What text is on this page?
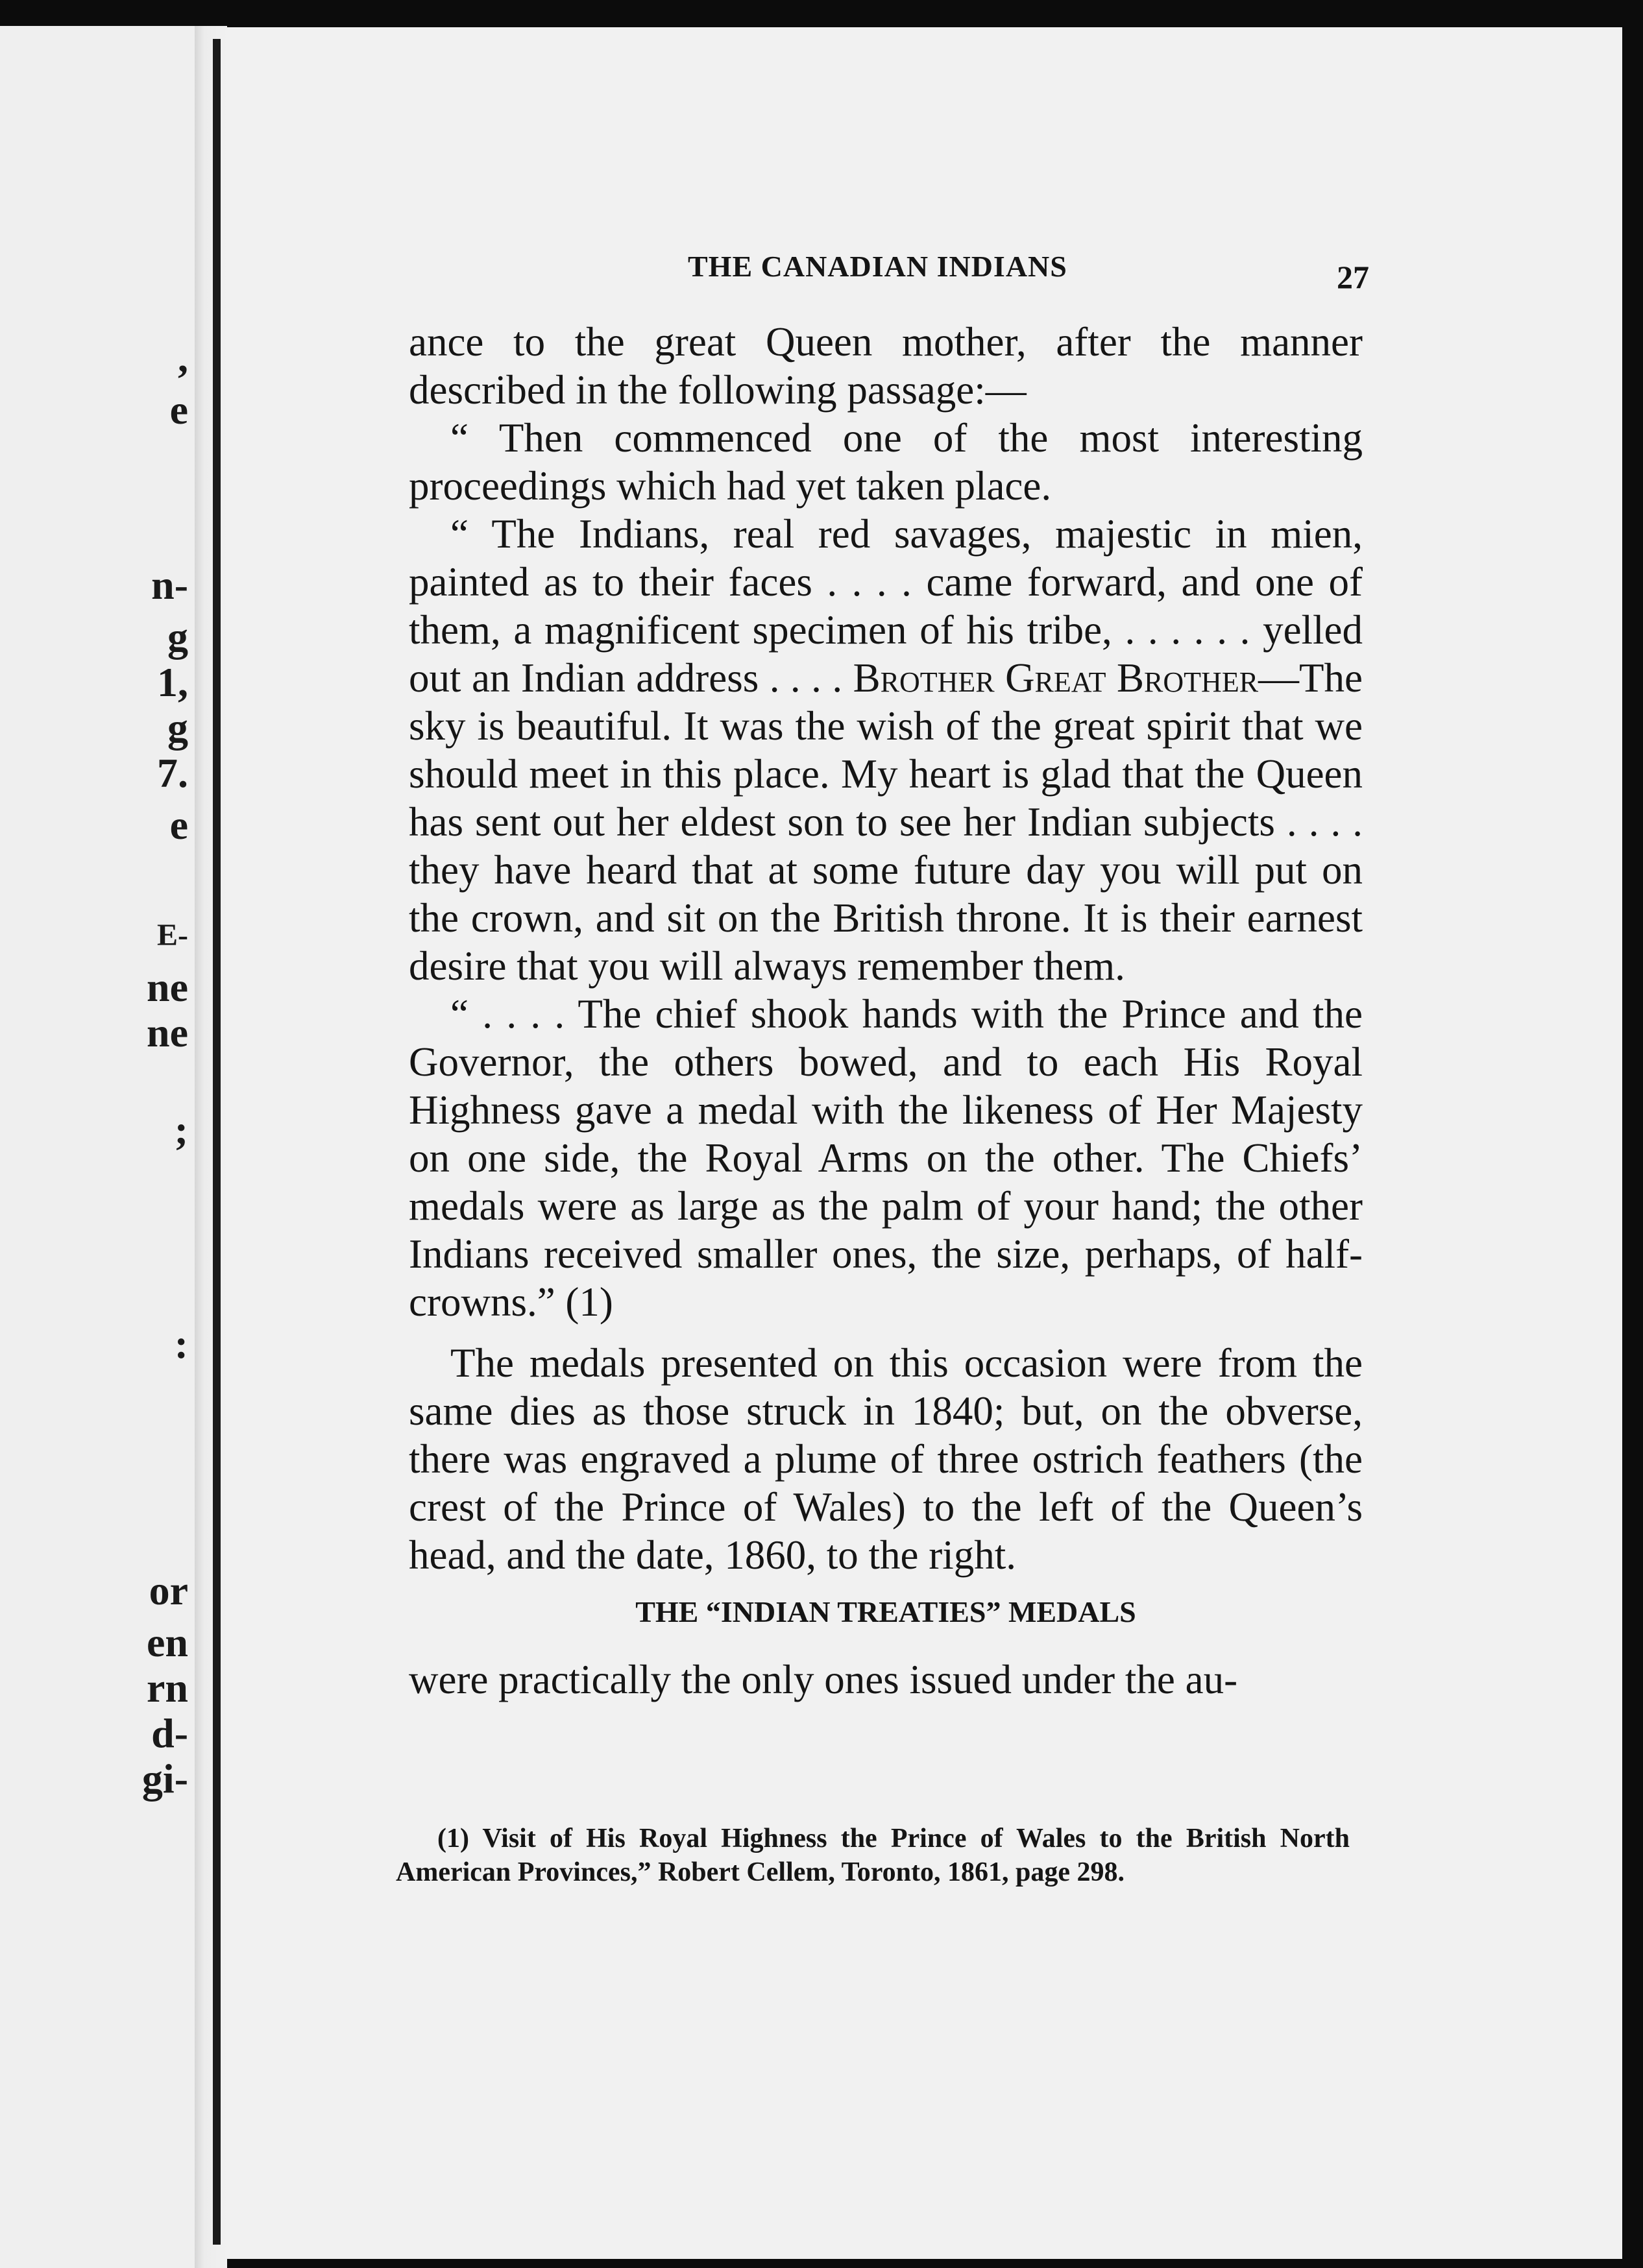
,
e
n-
g
1,
g
7.
e
E-
ne
ne
;
:
or
en
rn
d-
gi-
THE CANADIAN INDIANS	27

ance to the great Queen mother, after the manner described in the following passage:—

“ Then commenced one of the most interesting proceedings which had yet taken place.

“ The Indians, real red savages, majestic in mien, painted as to their faces . . . . came forward, and one of them, a magnificent specimen of his tribe, . . . . . . yelled out an Indian address . . . . Brother Great Brother—The sky is beautiful. It was the wish of the great spirit that we should meet in this place. My heart is glad that the Queen has sent out her eldest son to see her Indian subjects . . . . they have heard that at some future day you will put on the crown, and sit on the British throne. It is their earnest desire that you will always remember them.

“ . . . . The chief shook hands with the Prince and the Governor, the others bowed, and to each His Royal Highness gave a medal with the likeness of Her Majesty on one side, the Royal Arms on the other. The Chiefs’ medals were as large as the palm of your hand; the other Indians received smaller ones, the size, perhaps, of half-crowns.” (1)

The medals presented on this occasion were from the same dies as those struck in 1840; but, on the obverse, there was engraved a plume of three ostrich feathers (the crest of the Prince of Wales) to the left of the Queen’s head, and the date, 1860, to the right.

THE “INDIAN TREATIES” MEDALS

were practically the only ones issued under the au-

(1) Visit of His Royal Highness the Prince of Wales to the British North American Provinces,” Robert Cellem, Toronto, 1861, page 298.
